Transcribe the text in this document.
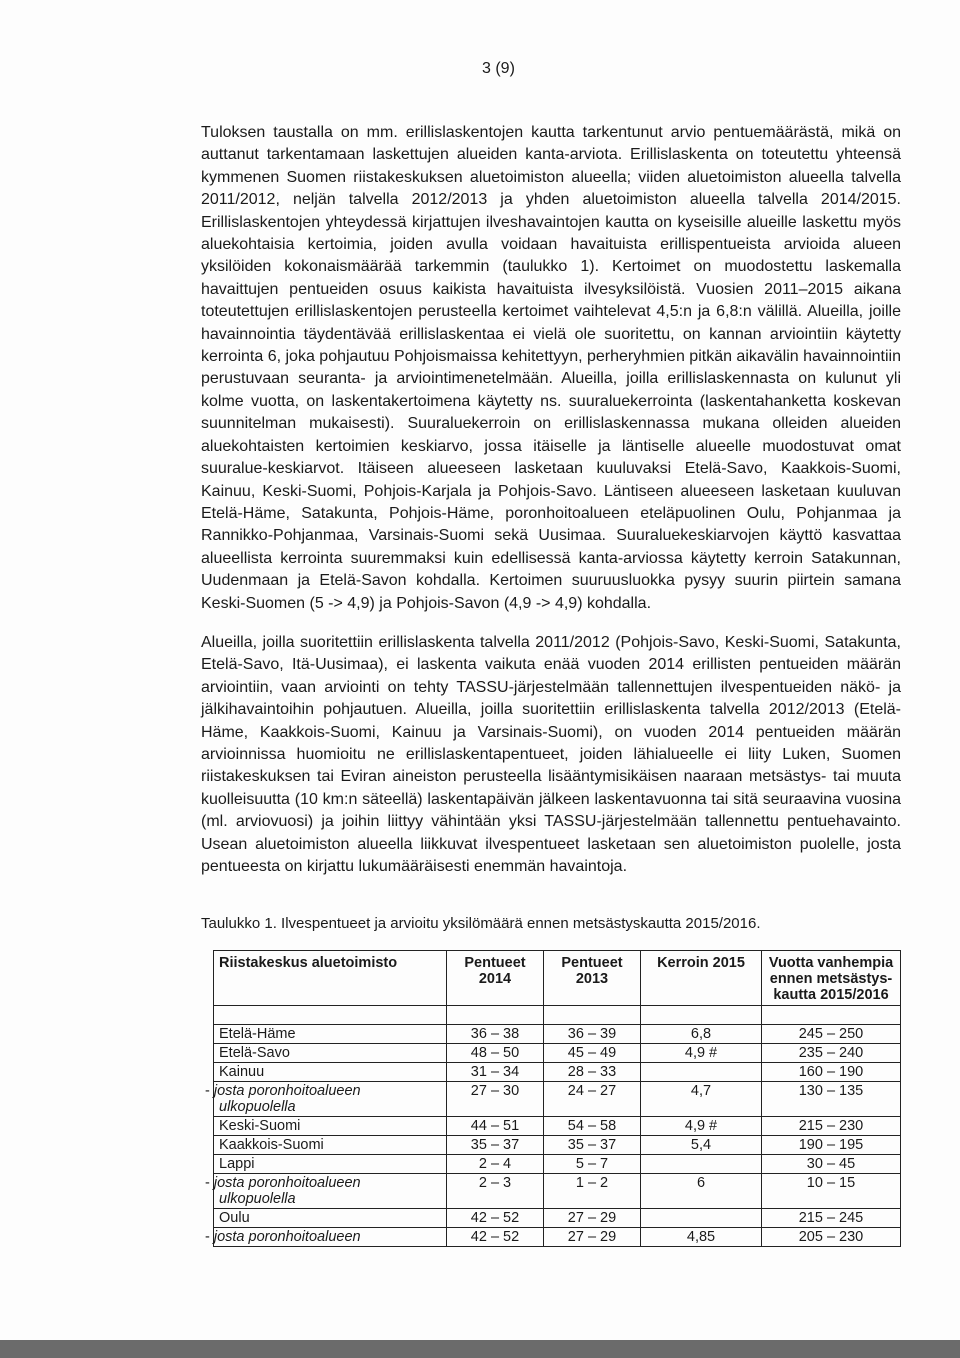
3 (9)

Tuloksen taustalla on mm. erillislaskentojen kautta tarkentunut arvio pentuemäärästä, mikä on auttanut tarkentamaan laskettujen alueiden kanta-arviota. Erillislaskenta on toteutettu yhteensä kymmenen Suomen riistakeskuksen aluetoimiston alueella; viiden aluetoimiston alueella talvella 2011/2012, neljän talvella 2012/2013 ja yhden aluetoimiston alueella talvella 2014/2015. Erillislaskentojen yhteydessä kirjattujen ilveshavaintojen kautta on kyseisille alueille laskettu myös aluekohtaisia kertoimia, joiden avulla voidaan havaituista erillispentueista arvioida alueen yksilöiden kokonaismäärää tarkemmin (taulukko 1). Kertoimet on muodostettu laskemalla havaittujen pentueiden osuus kaikista havaituista ilvesyksilöistä. Vuosien 2011–2015 aikana toteutettujen erillislaskentojen perusteella kertoimet vaihtelevat 4,5:n ja 6,8:n välillä. Alueilla, joille havainnointia täydentävää erillislaskentaa ei vielä ole suoritettu, on kannan arviointiin käytetty kerrointa 6, joka pohjautuu Pohjoismaissa kehitettyyn, perheryhmien pitkän aikavälin havainnointiin perustuvaan seuranta- ja arviointimenetelmään. Alueilla, joilla erillislaskennasta on kulunut yli kolme vuotta, on laskentakertoimena käytetty ns. suuraluekerrointa (laskentahanketta koskevan suunnitelman mukaisesti). Suuraluekerroin on erillislaskennassa mukana olleiden alueiden aluekohtaisten kertoimien keskiarvo, jossa itäiselle ja läntiselle alueelle muodostuvat omat suuralue-keskiarvot. Itäiseen alueeseen lasketaan kuuluvaksi Etelä-Savo, Kaakkois-Suomi, Kainuu, Keski-Suomi, Pohjois-Karjala ja Pohjois-Savo. Läntiseen alueeseen lasketaan kuuluvan Etelä-Häme, Satakunta, Pohjois-Häme, poronhoitoalueen eteläpuolinen Oulu, Pohjanmaa ja Rannikko-Pohjanmaa, Varsinais-Suomi sekä Uusimaa. Suuraluekeskiarvojen käyttö kasvattaa alueellista kerrointa suuremmaksi kuin edellisessä kanta-arviossa käytetty kerroin Satakunnan, Uudenmaan ja Etelä-Savon kohdalla. Kertoimen suuruusluokka pysyy suurin piirtein samana Keski-Suomen (5 -> 4,9) ja Pohjois-Savon (4,9 -> 4,9) kohdalla.

Alueilla, joilla suoritettiin erillislaskenta talvella 2011/2012 (Pohjois-Savo, Keski-Suomi, Satakunta, Etelä-Savo, Itä-Uusimaa), ei laskenta vaikuta enää vuoden 2014 erillisten pentueiden määrän arviointiin, vaan arviointi on tehty TASSU-järjestelmään tallennettujen ilvespentueiden näkö- ja jälkihavaintoihin pohjautuen. Alueilla, joilla suoritettiin erillislaskenta talvella 2012/2013 (Etelä-Häme, Kaakkois-Suomi, Kainuu ja Varsinais-Suomi), on vuoden 2014 pentueiden määrän arvioinnissa huomioitu ne erillislaskentapentueet, joiden lähialueelle ei liity Luken, Suomen riistakeskuksen tai Eviran aineiston perusteella lisääntymisikäisen naaraan metsästys- tai muuta kuolleisuutta (10 km:n säteellä) laskentapäivän jälkeen laskentavuonna tai sitä seuraavina vuosina (ml. arviovuosi) ja joihin liittyy vähintään yksi TASSU-järjestelmään tallennettu pentuehavainto. Usean aluetoimiston alueella liikkuvat ilvespentueet lasketaan sen aluetoimiston puolelle, josta pentueesta on kirjattu lukumääräisesti enemmän havaintoja.

Taulukko 1. Ilvespentueet ja arvioitu yksilömäärä ennen metsästyskautta 2015/2016.
Riistakeskus aluetoimisto	Pentueet 2014	Pentueet 2013	Kerroin 2015	Vuotta vanhempia ennen metsästys-kautta 2015/2016

Etelä-Häme	36 – 38	36 – 39	6,8	245 – 250
Etelä-Savo	48 – 50	45 – 49	4,9 #	235 – 240
Kainuu	31 – 34	28 – 33		160 – 190
- josta poronhoitoalueen ulkopuolella	27 – 30	24 – 27	4,7	130 – 135
Keski-Suomi	44 – 51	54 – 58	4,9 #	215 – 230
Kaakkois-Suomi	35 – 37	35 – 37	5,4	190 – 195
Lappi	2 – 4	5 – 7		30 – 45
- josta poronhoitoalueen ulkopuolella	2 – 3	1 – 2	6	10 – 15
Oulu	42 – 52	27 – 29		215 – 245
- josta poronhoitoalueen	42 – 52	27 – 29	4,85	205 – 230
